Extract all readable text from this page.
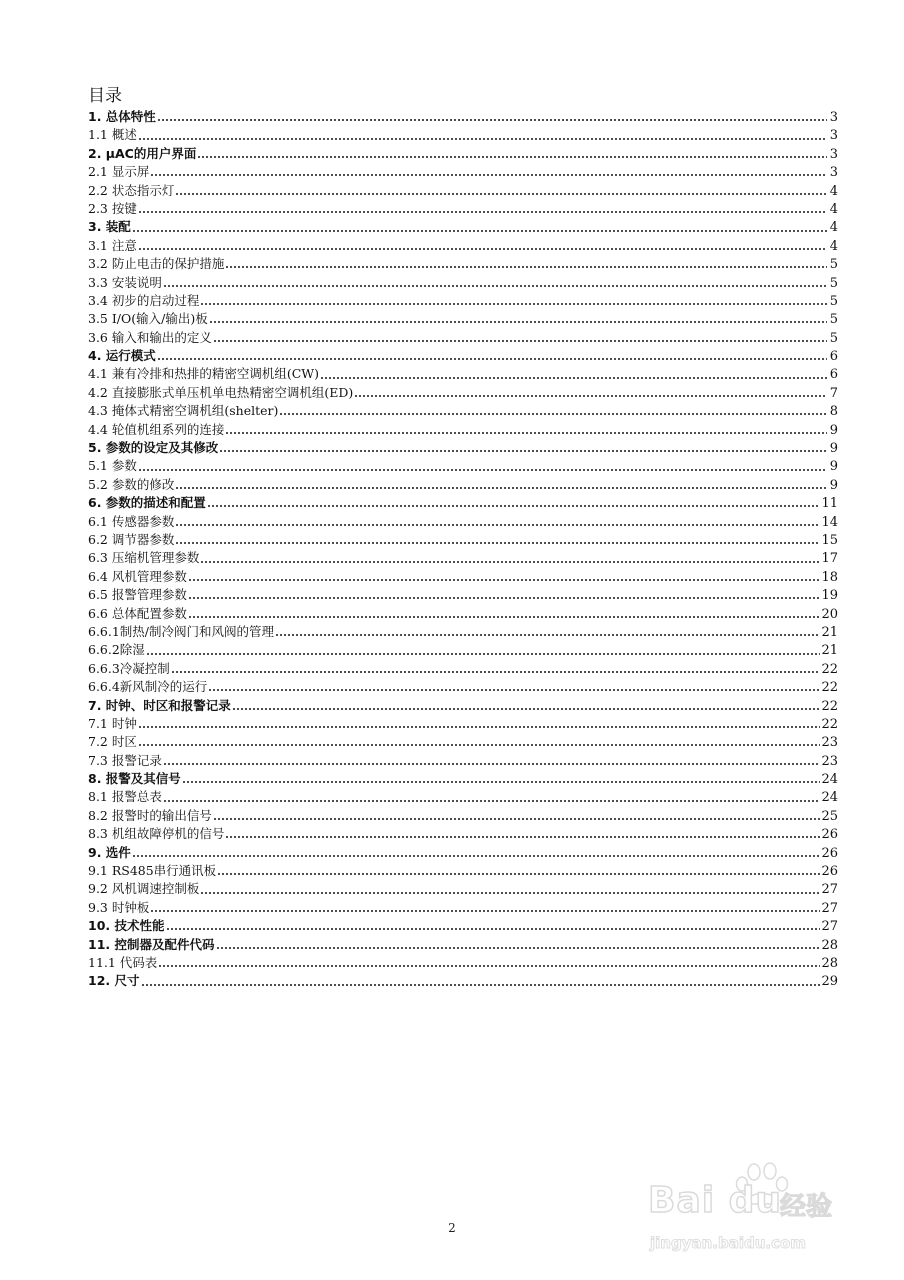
目录
1. 总体特性	3
1.1 概述	3
2. μAC的用户界面	3
2.1 显示屏	3
2.2 状态指示灯	4
2.3 按键	4
3. 装配	4
3.1 注意	4
3.2 防止电击的保护措施	5
3.3 安装说明	5
3.4 初步的启动过程	5
3.5 I/O(输入/输出)板	5
3.6 输入和输出的定义	5
4. 运行模式	6
4.1 兼有冷排和热排的精密空调机组(CW)	6
4.2 直接膨胀式单压机单电热精密空调机组(ED)	7
4.3 掩体式精密空调机组(shelter)	8
4.4 轮值机组系列的连接	9
5. 参数的设定及其修改	9
5.1 参数	9
5.2 参数的修改	9
6. 参数的描述和配置	11
6.1 传感器参数	14
6.2 调节器参数	15
6.3 压缩机管理参数	17
6.4 风机管理参数	18
6.5 报警管理参数	19
6.6 总体配置参数	20
6.6.1制热/制冷阀门和风阀的管理	21
6.6.2除湿	21
6.6.3冷凝控制	22
6.6.4新风制冷的运行	22
7. 时钟、时区和报警记录	22
7.1 时钟	22
7.2 时区	23
7.3 报警记录	23
8. 报警及其信号	24
8.1 报警总表	24
8.2 报警时的输出信号	25
8.3 机组故障停机的信号	26
9. 选件	26
9.1 RS485串行通讯板	26
9.2 风机调速控制板	27
9.3 时钟板	27
10. 技术性能	27
11. 控制器及配件代码	28
11.1 代码表	28
12. 尺寸	29
2
Bai du
经验
jingyan.baidu.com
